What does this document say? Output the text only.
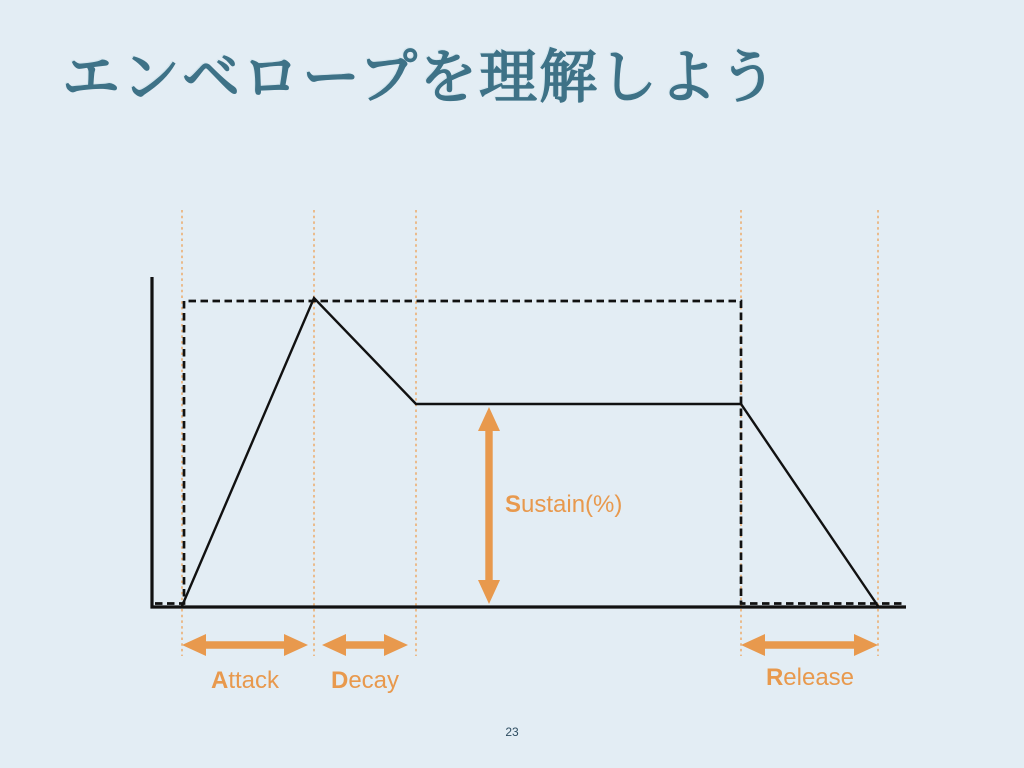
エンベロープを理解しよう
Attack Decay
Sustain(%)
Release
23
